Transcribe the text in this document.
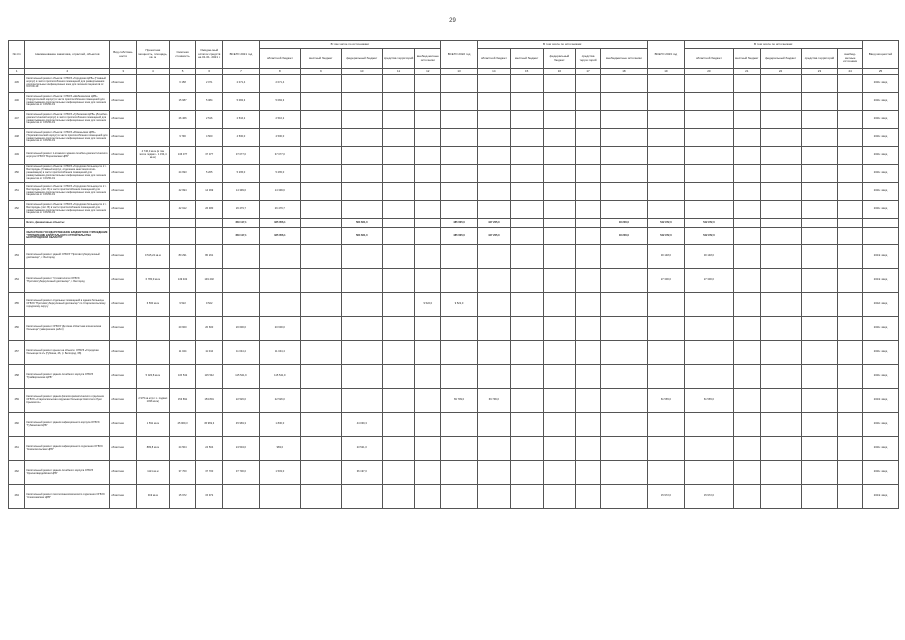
29
№ п/п	Наименование заказчика, отраслей, объектов	Вид собствен-ности	Проектная мощность, площадь, кв. м	Сметная стоимость	Ожидае-мый остаток средств на 01.01. 2021 г.	ВСЕГО 2021 год	В том числе по источникам:					ВСЕГО 2022 год	В том числе по источникам:					ВСЕГО 2023 год	В том числе по источникам:					Ввод мощностей
							областной бюджет	местный бюджет	федеральный бюджет	средства территорий	внебюд-жетные источники		областной бюджет	местный бюджет	федеральный бюджет	средства терри-торий	внебюджетные источники		областной бюджет	местный бюджет	федеральный бюджет	средства территорий	внебюд-жетные источники	
1	2	3	4	5	6	7	8	9	10	11	12	13	14	15	16	17	18	19	20	21	22	23	24	25
445	Капитальный ремонт объекта: ОГБУЗ «Городская ЦРБ» (Главный корпус) в части приспособления помещений для развертывания дополнительных инфекционных коек для лечения пациентов от COVID-19	областная		6 158	2 071	2 071,4	2 071,4																	2021г. ввод
446	Капитальный ремонт объекта: ОГБУЗ «Шебекинская ЦРБ» (Хирургический корпус) в части приспособления помещений для развертывания дополнительных инфекционных коек для лечения пациентов от COVID-19	областная		15 687	5 084	5 084,3	5 084,3																	2021г. ввод
447	Капитальный ремонт объекта: ОГБУЗ «Губкинская ЦРБ» (Лечебно-диагностический корпус) в части приспособления помещений для развертывания дополнительных инфекционных коек для лечения пациентов от COVID-19	областная		26 466	2 516	2 516,2	2 516,2																	2021г. ввод
448	Капитальный ремонт объекта: ОГБУЗ «Ровеньская ЦРБ» (Терапевтический корпус) в части приспособления помещений для развертывания дополнительных инфекционных коек для лечения пациентов от COVID-19	областная		9 790	4 500	4 500,0	4 500,0																	2021г. ввод
449	Капитальный ремонт 1-этажного здания лечебно-диагностического корпуса ОГБУЗ "Борисовская ЦРБ"	областная	4 746,3 кв.м (в том числе подвал - 1 154,4 кв.м)	136 077	37 077	37 077,0	37 077,0																	2021г. ввод
450	Капитальный ремонт объекта: ОГБУЗ «Городская больница № 2 г. Белгорода» (Главный корпус, отделение анестезиологии-реанимации) в части приспособления помещений для развертывания дополнительных инфекционных коек для лечения пациентов от COVID-19	областная		24 693	5 265	5 265,0	5 265,0																	2021г. ввод
451	Капитальный ремонт объекта: ОГБУЗ «Городская больница № 2 г. Белгорода» (лит. Б) в части приспособления помещений для развертывания дополнительных инфекционных коек для лечения пациентов от COVID-19	областная		42 994	14 399	14 399,6	14 399,6																	2021г. ввод
452	Капитальный ремонт объекта: ОГБУЗ «Городская больница № 2 г. Белгорода» (лит. В) в части приспособления помещений для развертывания дополнительных инфекционных коек для лечения пациентов от COVID-19	областная		42 912	26 480	26 479,7	26 479,7																	2021г. ввод
	Всего, финансовые объекты:					459 117,1	335 056,1		584 661,0			485 605,0	447 205,0				18 200,0	542 972,0	542 972,0					
	ОБЛАСТНОЕ ГОСУДАРСТВЕННОЕ БЮДЖЕТНОЕ УЧРЕЖДЕНИЕ "УПРАВЛЕНИЕ КАПИТАЛЬНОГО СТРОИТЕЛЬСТВА БЕЛГОРОДСКОЙ ОБЛАСТИ"					459 117,1	335 056,1		584 661,0			485 605,0	447 205,0				18 200,0	542 972,0	542 972,0					
453	Капитальный ремонт зданий ОГБУЗ "Противотуберкулезный диспансер", г. Белгород	областная	9 515,22 кв.м	80 291	80 291													30 148,0	30 148,0					2024г. ввод
454	Капитальный ремонт "Стоматологии ОГБУЗ "Противотуберкулезный диспансер", г. Белгород	областная	6 780,9 кв.м	149 402	149 402													27 300,0	27 300,0					2024г. ввод
455	Капитальный ремонт отдельных помещений в здании больницы ОГБУЗ "Противотуберкулезный диспансер" по Старооскольскому городскому округу	областная	6 560 кв.м	9 522	9 522						9 522,0	9 522,0												2022г. ввод
456	Капитальный ремонт ОГБУЗ "Детская областная клиническая больница" (завершение работ)	областная		20 600	20 600	20 600,0	20 600,0																	2021г. ввод
457	Капитальный ремонт крыши на объекте: ОГБУЗ «Городская больница № 2» (Губкина, 46, (г. Белгород, 68)	областная		11 044	11 044	11 044,4	11 044,4																	2021г. ввод
458	Капитальный ремонт здания лечебного корпуса ОГБУЗ "Грайворонская ЦРБ"	областная	5 020,8 кв.м	115 542	115 542	115 541,9	115 541,9																	2021г. ввод
459	Капитальный ремонт здания физиотерапевтического отделения ОГБУЗ «Старооскольская окружная больница Святителя Луки Крымского»	областная	2 975 кв.м (в т.ч. подвал 1036 кв.м)	153 891	153 891	22 526,0	22 526,0					69 799,0	69 799,0					61 565,0	61 565,0					2023г. ввод
460	Капитальный ремонт здания инфекционного корпуса ОГБУЗ "Губкинская ЦРБ"	областная	1 591 кв.м	45 969,3	45 969,3	45 969,3	1 830,0		44 039,3															2021г. ввод
461	Капитальный ремонт здания инфекционного отделения ОГБУЗ "Новооскольская ЦРБ"	областная	883,8 кв.м	24 504	24 504	24 504,0	983,0		23 521,0															2021г. ввод
462	Капитальный ремонт здания лечебного корпуса ОГБУЗ "Красногвардейская ЦРБ"	областная	1121 кв.м	37 700	37 700	37 700,0	1 503,0		36 197,0															2021г. ввод
463	Капитальный ремонт патологоанатомического отделения ОГБУЗ "Алексеевская ЦРБ"	областная	919 кв.м	15 972	15 972													15 972,0	15 972,0					2024г. ввод
